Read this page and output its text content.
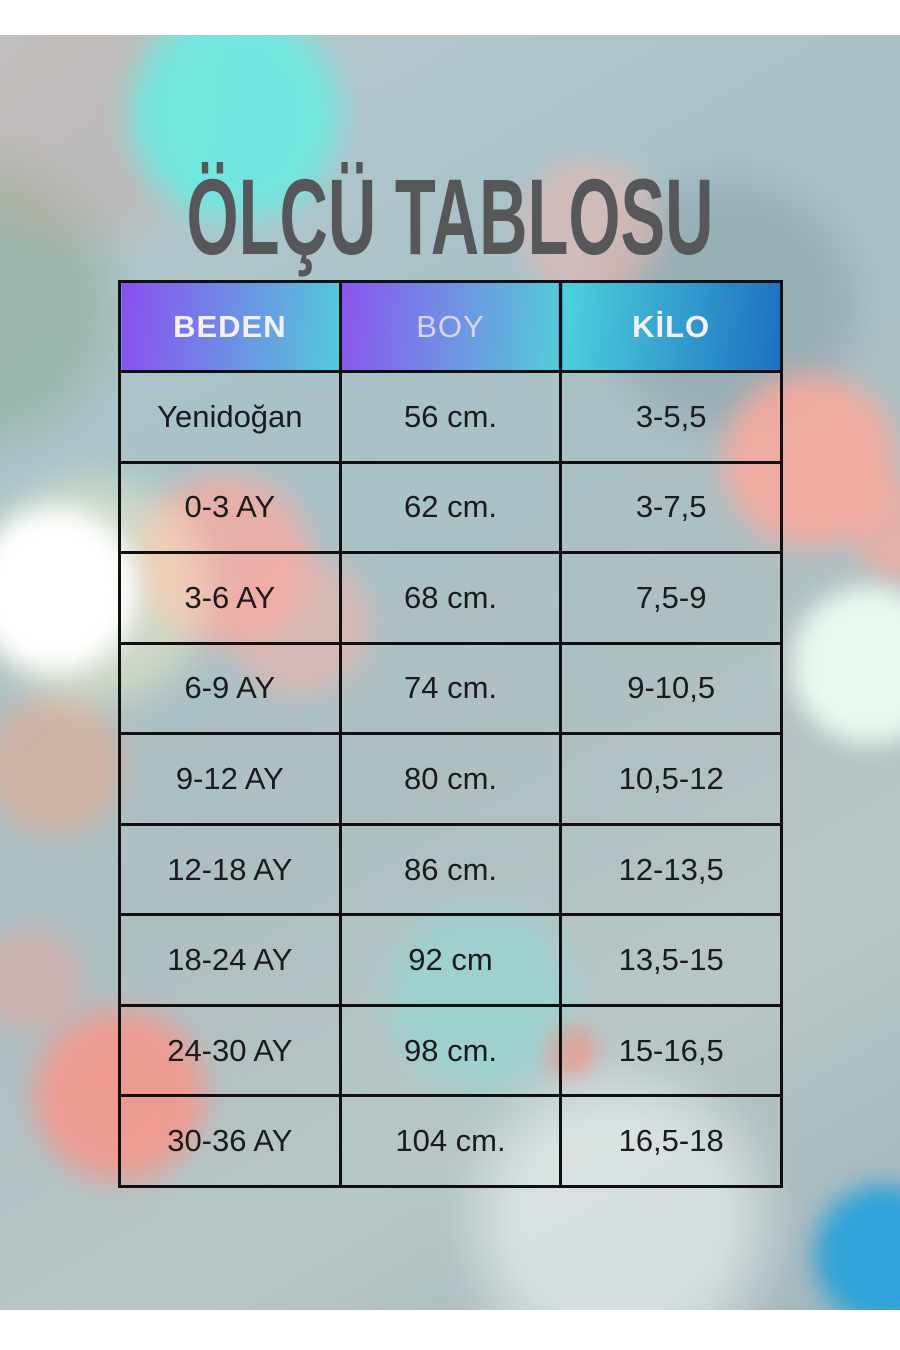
ÖLÇÜ TABLOSU
BEDEN	BOY	KİLO
Yenidoğan	56 cm.	3-5,5
0-3 AY	62 cm.	3-7,5
3-6 AY	68 cm.	7,5-9
6-9 AY	74 cm.	9-10,5
9-12 AY	80 cm.	10,5-12
12-18 AY	86 cm.	12-13,5
18-24 AY	92 cm	13,5-15
24-30 AY	98 cm.	15-16,5
30-36 AY	104 cm.	16,5-18
